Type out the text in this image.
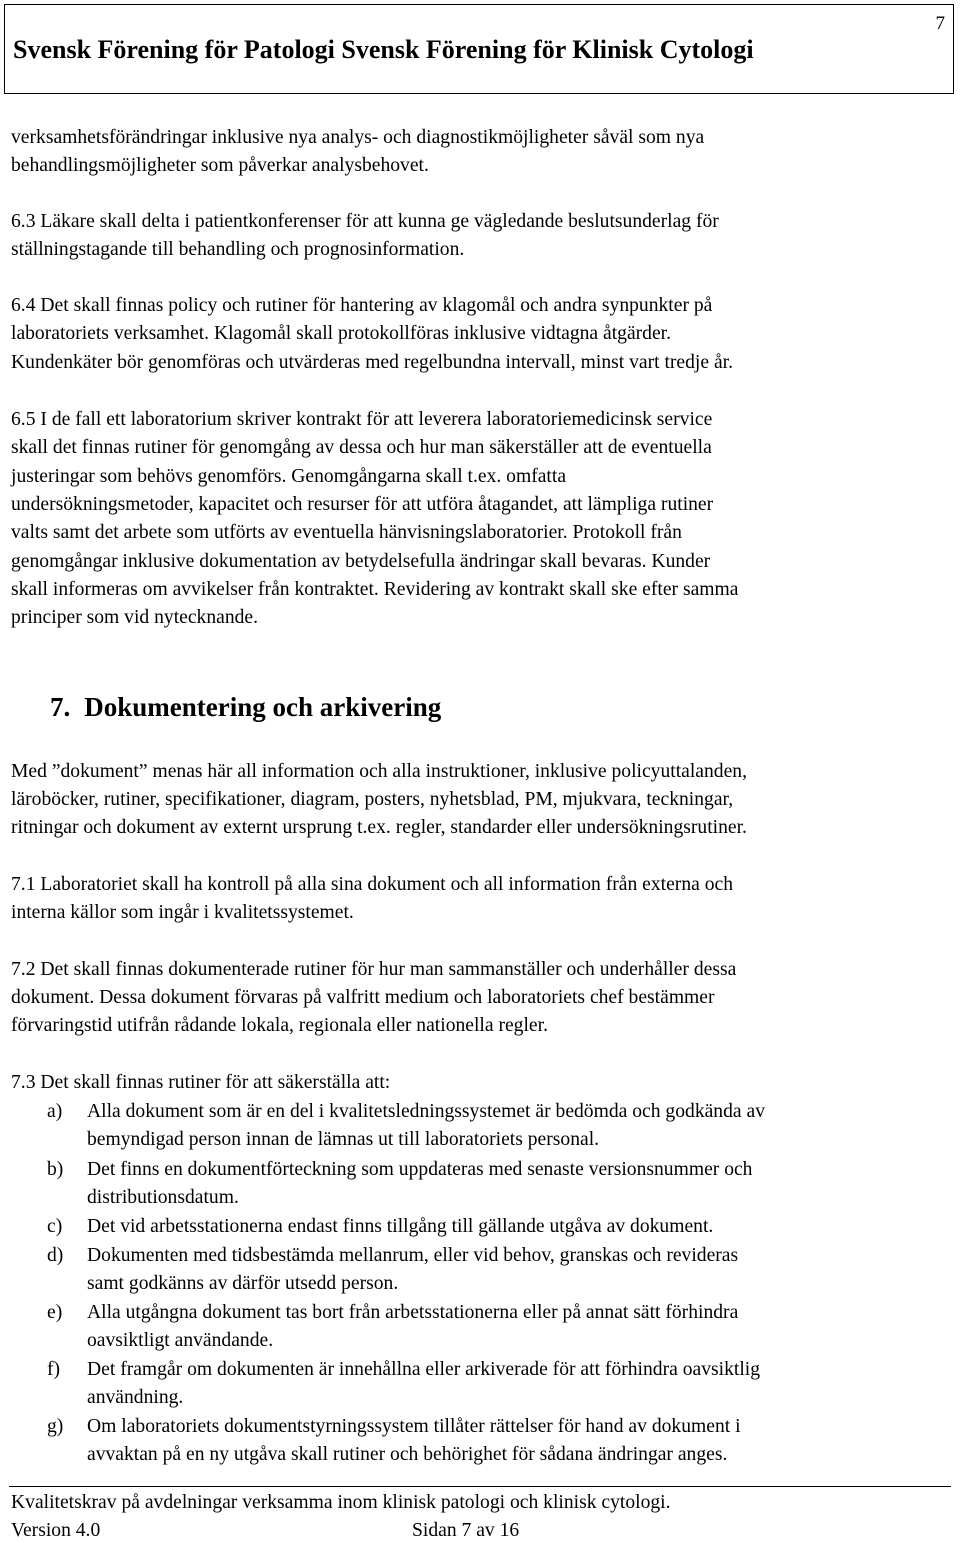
Svensk Förening för Patologi Svensk Förening för Klinisk Cytologi
7
verksamhetsförändringar inklusive nya analys- och diagnostikmöjligheter såväl som nya
behandlingsmöjligheter som påverkar analysbehovet.
6.3 Läkare skall delta i patientkonferenser för att kunna ge vägledande beslutsunderlag för
ställningstagande till behandling och prognosinformation.
6.4 Det skall finnas policy och rutiner för hantering av klagomål och andra synpunkter på
laboratoriets verksamhet. Klagomål skall protokollföras inklusive vidtagna åtgärder.
Kundenkäter bör genomföras och utvärderas med regelbundna intervall, minst vart tredje år.
6.5 I de fall ett laboratorium skriver kontrakt för att leverera laboratoriemedicinsk service
skall det finnas rutiner för genomgång av dessa och hur man säkerställer att de eventuella
justeringar som behövs genomförs. Genomgångarna skall t.ex. omfatta
undersökningsmetoder, kapacitet och resurser för att utföra åtagandet, att lämpliga rutiner
valts samt det arbete som utförts av eventuella hänvisningslaboratorier. Protokoll från
genomgångar inklusive dokumentation av betydelsefulla ändringar skall bevaras. Kunder
skall informeras om avvikelser från kontraktet. Revidering av kontrakt skall ske efter samma
principer som vid nytecknande.
7. Dokumentering och arkivering
Med ”dokument” menas här all information och alla instruktioner, inklusive policyuttalanden,
läroböcker, rutiner, specifikationer, diagram, posters, nyhetsblad, PM, mjukvara, teckningar,
ritningar och dokument av externt ursprung t.ex. regler, standarder eller undersökningsrutiner.
7.1 Laboratoriet skall ha kontroll på alla sina dokument och all information från externa och
interna källor som ingår i kvalitetssystemet.
7.2 Det skall finnas dokumenterade rutiner för hur man sammanställer och underhåller dessa
dokument. Dessa dokument förvaras på valfritt medium och laboratoriets chef bestämmer
förvaringstid utifrån rådande lokala, regionala eller nationella regler.
7.3 Det skall finnas rutiner för att säkerställa att:
a) Alla dokument som är en del i kvalitetsledningssystemet är bedömda och godkända av
bemyndigad person innan de lämnas ut till laboratoriets personal.
b) Det finns en dokumentförteckning som uppdateras med senaste versionsnummer och
distributionsdatum.
c) Det vid arbetsstationerna endast finns tillgång till gällande utgåva av dokument.
d) Dokumenten med tidsbestämda mellanrum, eller vid behov, granskas och revideras
samt godkänns av därför utsedd person.
e) Alla utgångna dokument tas bort från arbetsstationerna eller på annat sätt förhindra
oavsiktligt användande.
f) Det framgår om dokumenten är innehållna eller arkiverade för att förhindra oavsiktlig
användning.
g) Om laboratoriets dokumentstyrningssystem tillåter rättelser för hand av dokument i
avvaktan på en ny utgåva skall rutiner och behörighet för sådana ändringar anges.
Kvalitetskrav på avdelningar verksamma inom klinisk patologi och klinisk cytologi.
Version 4.0	Sidan 7 av 16
